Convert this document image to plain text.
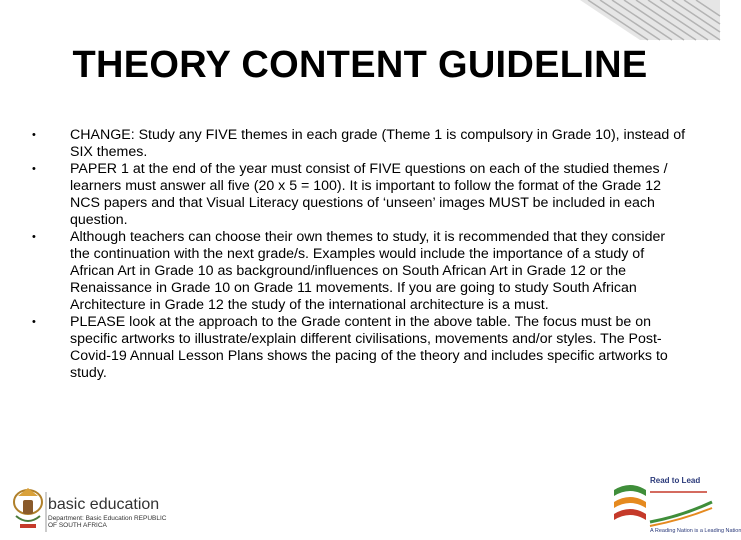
THEORY CONTENT GUIDELINE
• CHANGE: Study any FIVE themes in each grade (Theme 1 is compulsory in Grade 10), instead of SIX themes.
• PAPER 1 at the end of the year must consist of FIVE questions on each of the studied themes / learners must answer all five (20 x 5 = 100). It is important to follow the format of the Grade 12 NCS papers and that Visual Literacy questions of ‘unseen’ images MUST be included in each question.
• Although teachers can choose their own themes to study, it is recommended that they consider the continuation with the next grade/s. Examples would include the importance of a study of African Art in Grade 10 as background/influences on South African Art in Grade 12 or the Renaissance in Grade 10 on Grade 11 movements. If you are going to study South African Architecture in Grade 12 the study of the international architecture is a must.
• PLEASE look at the approach to the Grade content in the above table. The focus must be on specific artworks to illustrate/explain different civilisations, movements and/or styles. The Post-Covid-19 Annual Lesson Plans shows the pacing of the theory and includes specific artworks to study.
basic education
Department: Basic Education REPUBLIC OF SOUTH AFRICA
Read to Lead
A Reading Nation is a Leading Nation
